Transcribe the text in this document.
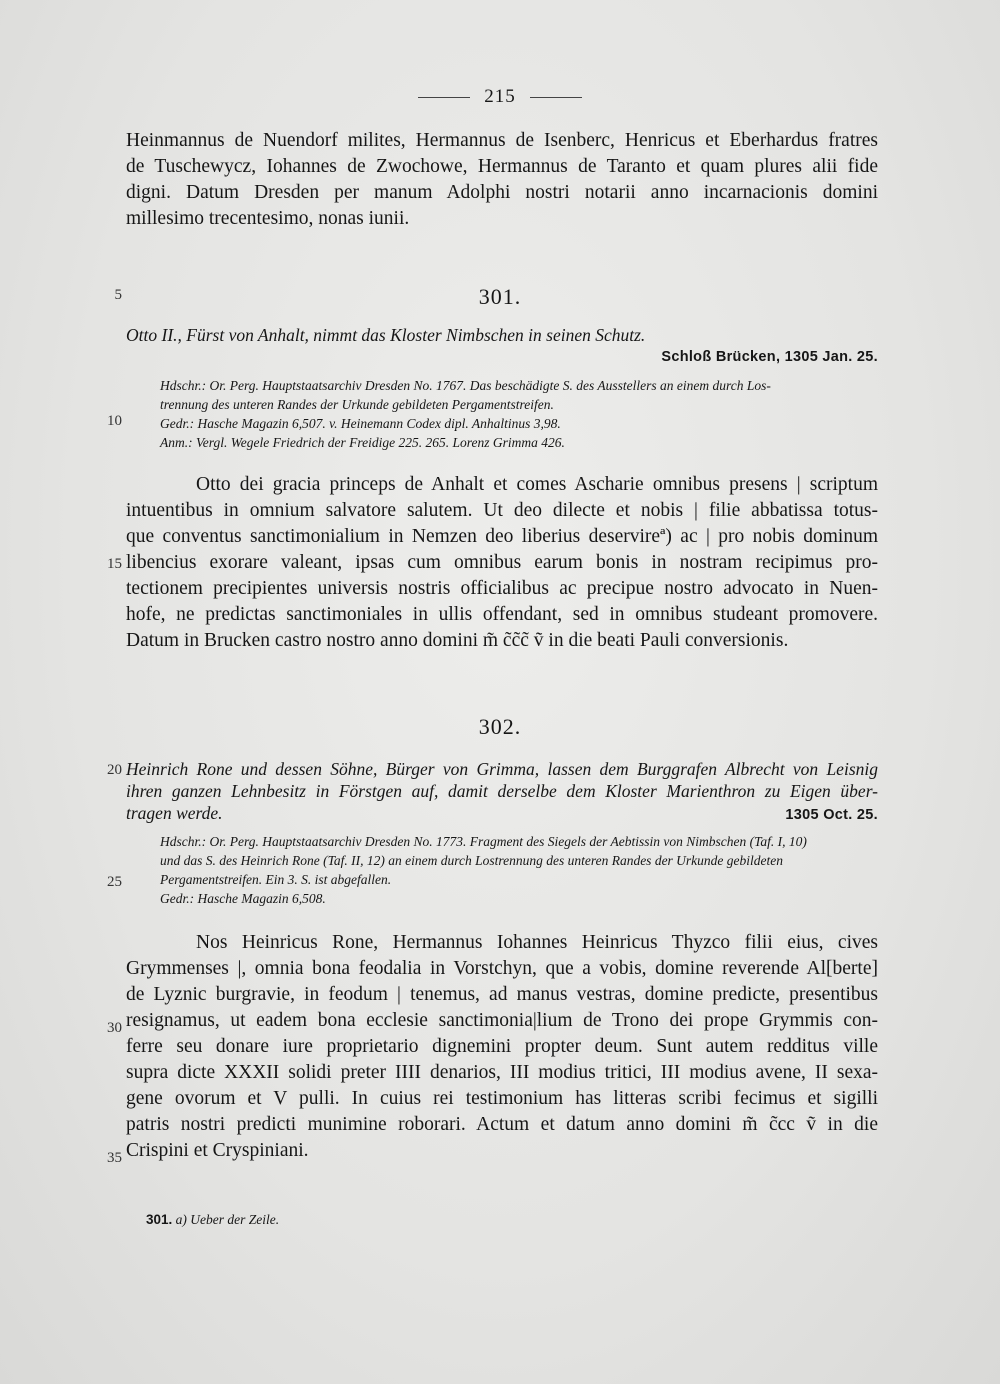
215
Heinmannus de Nuendorf milites, Hermannus de Isenberc, Henricus et Eberhardus fratres
de Tuschewycz, Iohannes de Zwochowe, Hermannus de Taranto et quam plures alii fide
digni. Datum Dresden per manum Adolphi nostri notarii anno incarnacionis domini
millesimo trecentesimo, nonas iunii.
5
10
15
20
25
30
35
301.
Otto II., Fürst von Anhalt, nimmt das Kloster Nimbschen in seinen Schutz.
Schloß Brücken, 1305 Jan. 25.
Hdschr.: Or. Perg. Hauptstaatsarchiv Dresden No. 1767. Das beschädigte S. des Ausstellers an einem durch Los-
trennung des unteren Randes der Urkunde gebildeten Pergamentstreifen.
Gedr.: Hasche Magazin 6,507. v. Heinemann Codex dipl. Anhaltinus 3,98.
Anm.: Vergl. Wegele Friedrich der Freidige 225. 265. Lorenz Grimma 426.
Otto dei gracia princeps de Anhalt et comes Ascharie omnibus presens | scriptum
intuentibus in omnium salvatore salutem. Ut deo dilecte et nobis | filie abbatissa totus-
que conventus sanctimonialium in Nemzen deo liberius deservireª) ac | pro nobis dominum
libencius exorare valeant, ipsas cum omnibus earum bonis in nostram recipimus pro-
tectionem precipientes universis nostris officialibus ac precipue nostro advocato in Nuen-
hofe, ne predictas sanctimoniales in ullis offendant, sed in omnibus studeant promovere.
Datum in Brucken castro nostro anno domini m̃ c̃c̃c̃ ṽ in die beati Pauli conversionis.
302.
Heinrich Rone und dessen Söhne, Bürger von Grimma, lassen dem Burggrafen Albrecht von Leisnig
ihren ganzen Lehnbesitz in Förstgen auf, damit derselbe dem Kloster Marienthron zu Eigen über-
tragen werde.	1305 Oct. 25.
Hdschr.: Or. Perg. Hauptstaatsarchiv Dresden No. 1773. Fragment des Siegels der Aebtissin von Nimbschen (Taf. I, 10)
und das S. des Heinrich Rone (Taf. II, 12) an einem durch Lostrennung des unteren Randes der Urkunde gebildeten
Pergamentstreifen. Ein 3. S. ist abgefallen.
Gedr.: Hasche Magazin 6,508.
Nos Heinricus Rone, Hermannus Iohannes Heinricus Thyzco filii eius, cives
Grymmenses |, omnia bona feodalia in Vorstchyn, que a vobis, domine reverende Al[berte]
de Lyznic burgravie, in feodum | tenemus, ad manus vestras, domine predicte, presentibus
resignamus, ut eadem bona ecclesie sanctimonia|lium de Trono dei prope Grymmis con-
ferre seu donare iure proprietario dignemini propter deum. Sunt autem redditus ville
supra dicte XXXII solidi preter IIII denarios, III modius tritici, III modius avene, II sexa-
gene ovorum et V pulli. In cuius rei testimonium has litteras scribi fecimus et sigilli
patris nostri predicti munimine roborari. Actum et datum anno domini m̃ c̃cc ṽ in die
Crispini et Cryspiniani.
301. a) Ueber der Zeile.
